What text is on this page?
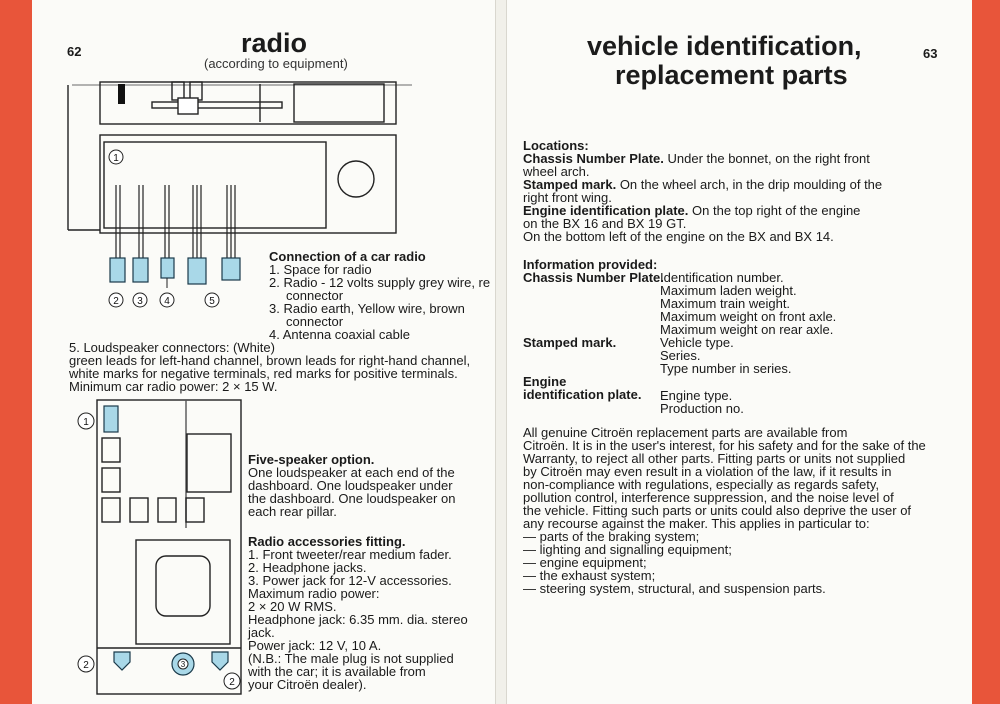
62	radio
(according to equipment)
1
2 3 4	5
Connection of a car radio
1. Space for radio
2. Radio - 12 volts supply grey wire, re
connector
3. Radio earth, Yellow wire, brown
connector
4. Antenna coaxial cable
5. Loudspeaker connectors: (White)
green leads for left-hand channel, brown leads for right-hand channel,
white marks for negative terminals, red marks for positive terminals.
Minimum car radio power: 2 × 15 W.
1
2	3
2
Five-speaker option.
One loudspeaker at each end of the
dashboard. One loudspeaker under
the dashboard. One loudspeaker on
each rear pillar.
Radio accessories fitting.
1. Front tweeter/rear medium fader.
2. Headphone jacks.
3. Power jack for 12-V accessories.
Maximum radio power:
2 × 20 W RMS.
Headphone jack: 6.35 mm. dia. stereo
jack.
Power jack: 12 V, 10 A.
(N.B.: The male plug is not supplied
with the car; it is available from
your Citroën dealer).
vehicle identification,
replacement parts
63
Locations:
Chassis Number Plate. Under the bonnet, on the right front
wheel arch.
Stamped mark. On the wheel arch, in the drip moulding of the
right front wing.
Engine identification plate. On the top right of the engine
on the BX 16 and BX 19 GT.
On the bottom left of the engine on the BX and BX 14.
Information provided:
Chassis Number Plate.
Identification number.
Maximum laden weight.
Maximum train weight.
Maximum weight on front axle.
Maximum weight on rear axle.
Stamped mark.	Vehicle type.
Series.
Type number in series.
Engine identification plate.	Engine type.
Production no.
All genuine Citroën replacement parts are available from
Citroën. It is in the user's interest, for his safety and for the sake of the
Warranty, to reject all other parts. Fitting parts or units not supplied
by Citroën may even result in a violation of the law, if it results in
non-compliance with regulations, especially as regards safety,
pollution control, interference suppression, and the noise level of
the vehicle. Fitting such parts or units could also deprive the user of
any recourse against the maker. This applies in particular to:
— parts of the braking system;
— lighting and signalling equipment;
— engine equipment;
— the exhaust system;
— steering system, structural, and suspension parts.
